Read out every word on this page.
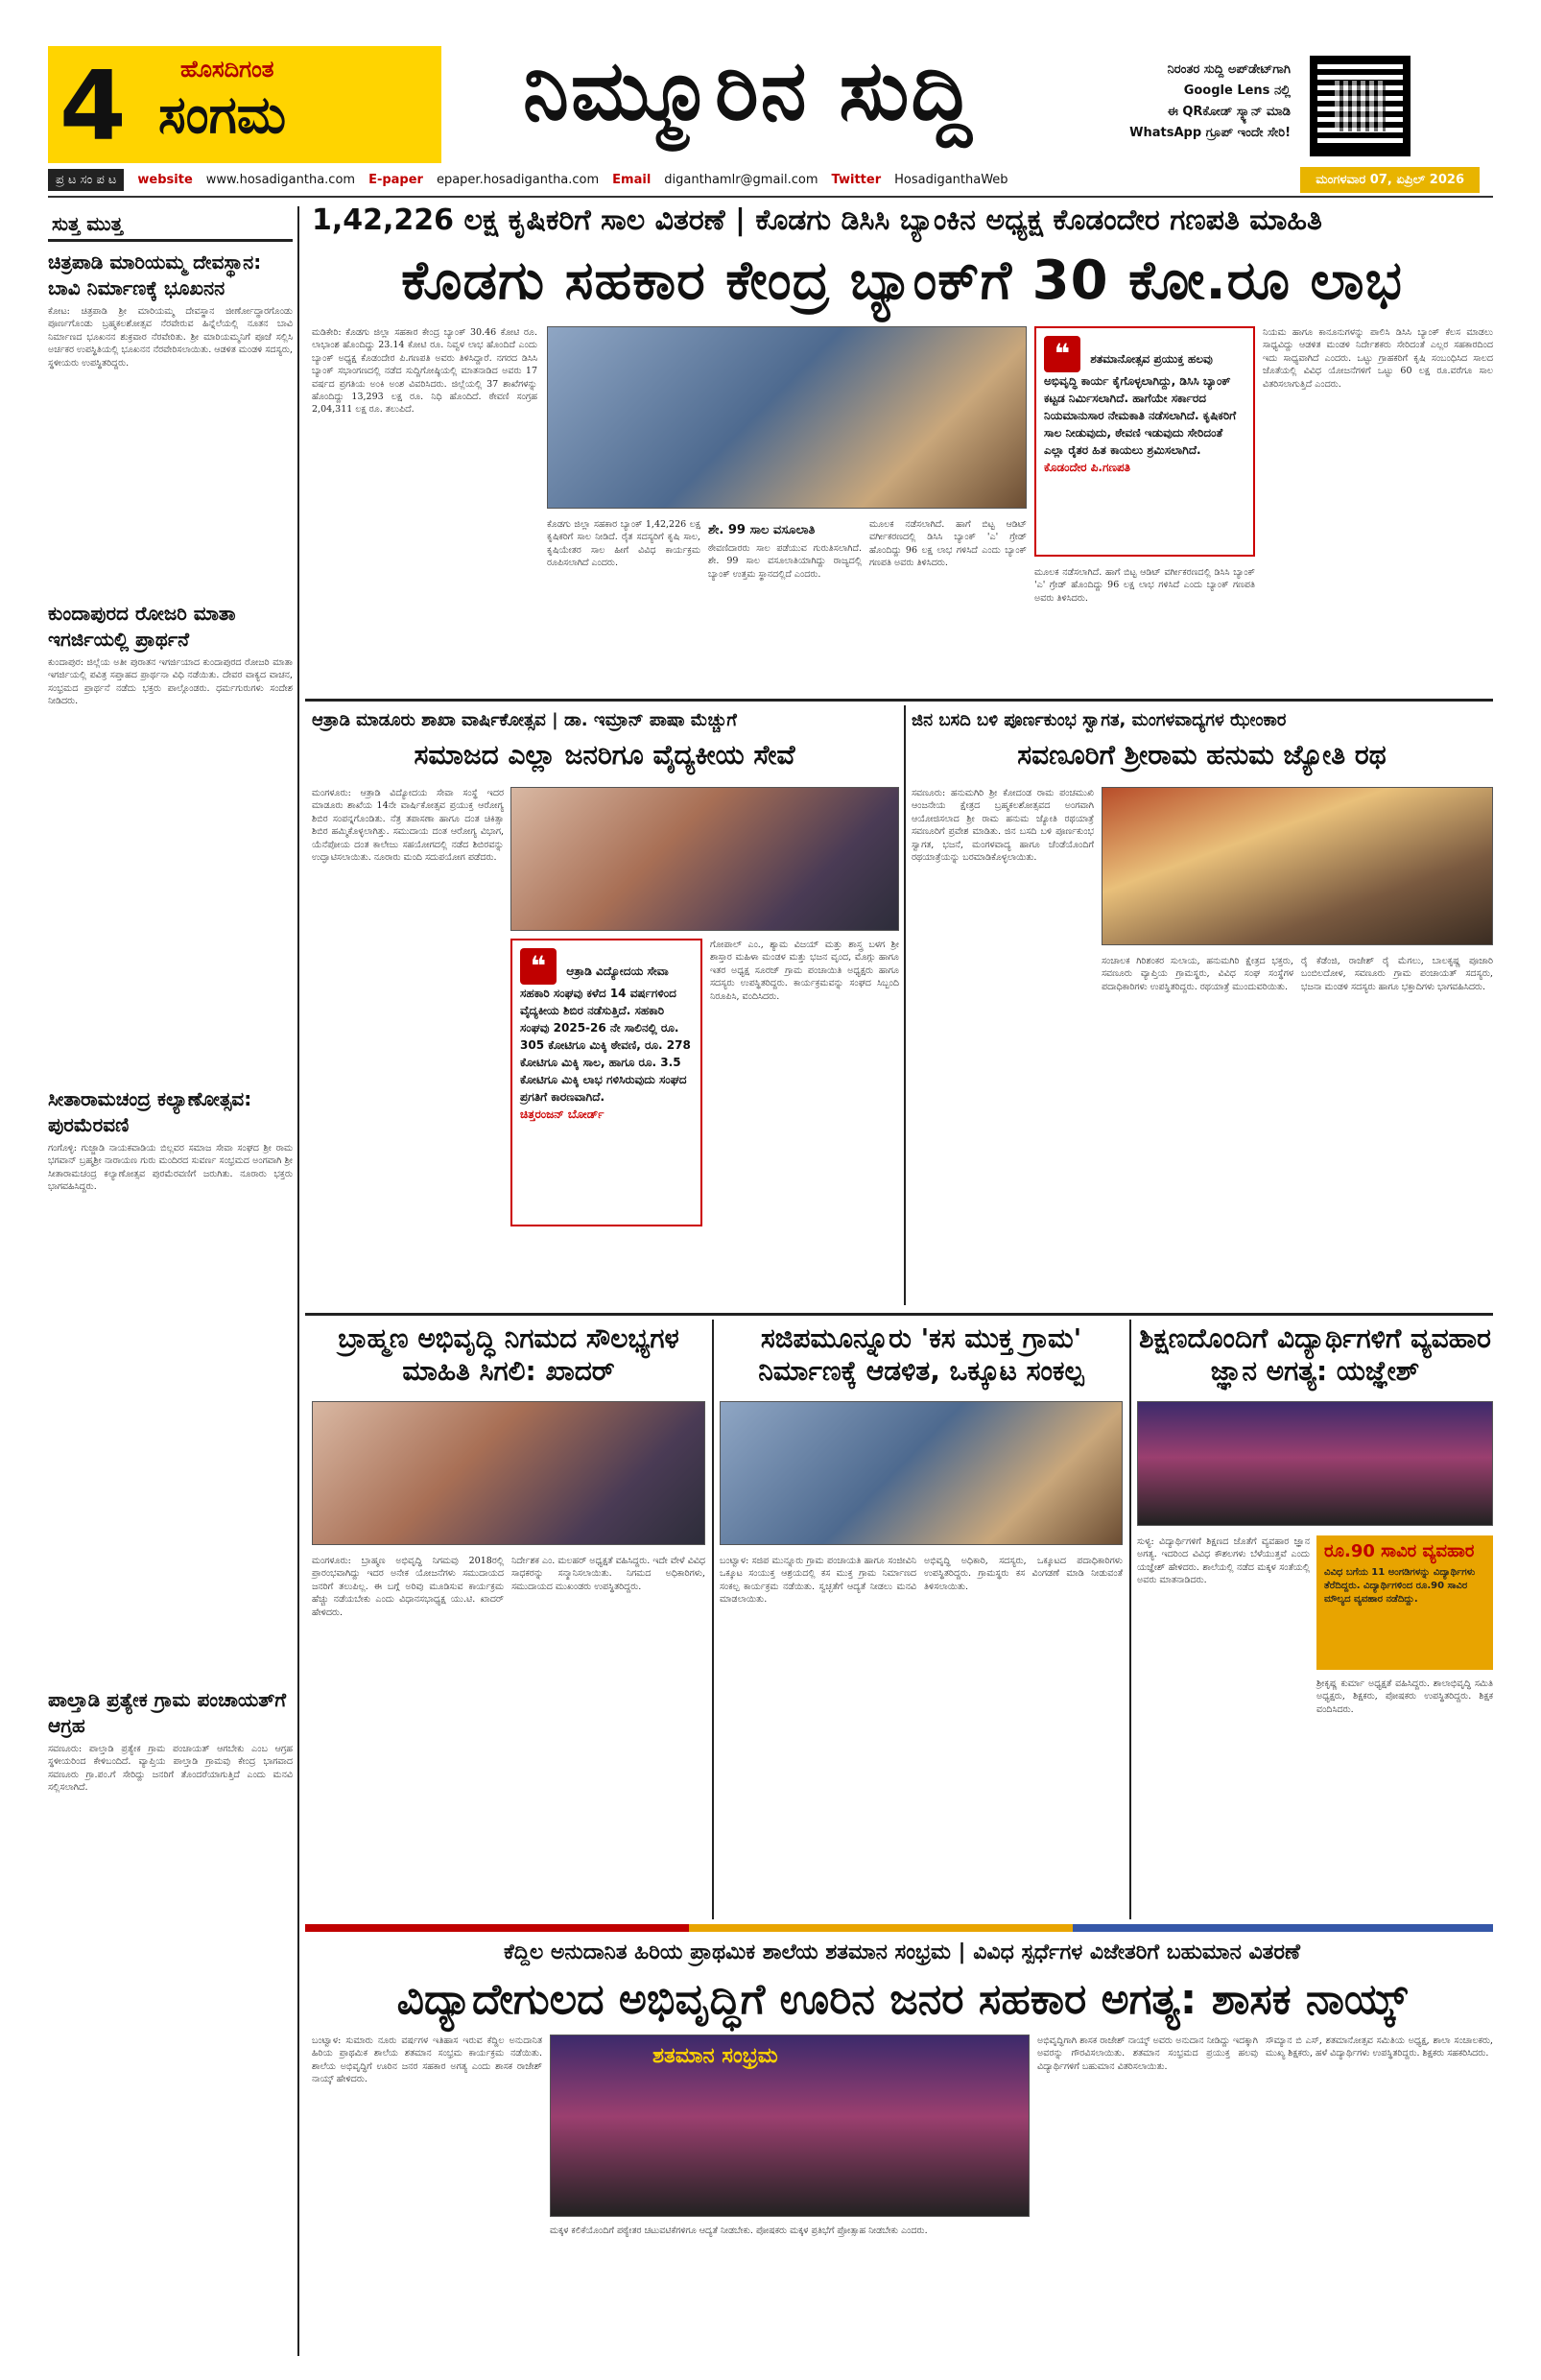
4 ಹೊಸದಿಗಂತ
ಸಂಗಮ	ನಿಮ್ಮೂರಿನ ಸುದ್ದಿ	ನಿರಂತರ ಸುದ್ದಿ ಅಪ್‌ಡೇಟ್‌ಗಾಗಿ
Google Lens ನಲ್ಲಿ
ಈ QRಕೋಡ್ ಸ್ಕ್ಯಾನ್ ಮಾಡಿ
WhatsApp ಗ್ರೂಪ್ ಇಂದೇ ಸೇರಿ!
ಪ್ರ ಟ ಸಂ ಪ ಟ	website www.hosadigantha.com E-paper epaper.hosadigantha.com Email diganthamlr@gmail.com Twitter HosadiganthaWeb	ಮಂಗಳವಾರ 07, ಏಪ್ರಿಲ್ 2026
ಸುತ್ತ ಮುತ್ತ
ಚಿತ್ರಪಾಡಿ ಮಾರಿಯಮ್ಮ ದೇವಸ್ಥಾನ: ಬಾವಿ ನಿರ್ಮಾಣಕ್ಕೆ ಭೂಖನನ
ಕೋಟ: ಚಿತ್ರಪಾಡಿ ಶ್ರೀ ಮಾರಿಯಮ್ಮ ದೇವಸ್ಥಾನ ಜೀರ್ಣೋದ್ಧಾರಗೊಂಡು ಪೂರ್ಣಗೊಂಡು ಬ್ರಹ್ಮಕಲಶೋತ್ಸವ ನೆರವೇರುವ ಹಿನ್ನೆಲೆಯಲ್ಲಿ ನೂತನ ಬಾವಿ ನಿರ್ಮಾಣದ ಭೂಖನನ ಶುಕ್ರವಾರ ನೆರವೇರಿತು. ಶ್ರೀ ಮಾರಿಯಮ್ಮನಿಗೆ ಪೂಜೆ ಸಲ್ಲಿಸಿ ಅರ್ಚಕರ ಉಪಸ್ಥಿತಿಯಲ್ಲಿ ಭೂಖನನ ನೆರವೇರಿಸಲಾಯಿತು. ಆಡಳಿತ ಮಂಡಳಿ ಸದಸ್ಯರು, ಸ್ಥಳೀಯರು ಉಪಸ್ಥಿತರಿದ್ದರು.
ಕುಂದಾಪುರದ ರೋಜರಿ ಮಾತಾ ಇಗರ್ಜಿಯಲ್ಲಿ ಪ್ರಾರ್ಥನೆ
ಕುಂದಾಪುರ: ಜಿಲ್ಲೆಯ ಅತೀ ಪುರಾತನ ಇಗರ್ಜಿಯಾದ ಕುಂದಾಪುರದ ರೋಜರಿ ಮಾತಾ ಇಗರ್ಜಿಯಲ್ಲಿ ಪವಿತ್ರ ಸಪ್ತಾಹದ ಪ್ರಾರ್ಥನಾ ವಿಧಿ ನಡೆಯಿತು. ದೇವರ ವಾಕ್ಯದ ವಾಚನ, ಸಂಭ್ರಮದ ಪ್ರಾರ್ಥನೆ ನಡೆದು ಭಕ್ತರು ಪಾಲ್ಗೊಂಡರು. ಧರ್ಮಗುರುಗಳು ಸಂದೇಶ ನೀಡಿದರು.
ಸೀತಾರಾಮಚಂದ್ರ ಕಲ್ಯಾಣೋತ್ಸವ: ಪುರಮೆರವಣಿ
ಗಂಗೊಳ್ಳಿ: ಗುಜ್ಜಾಡಿ ನಾಯಕವಾಡಿಯ ಬಿಲ್ಲವರ ಸಮಾಜ ಸೇವಾ ಸಂಘದ ಶ್ರೀ ರಾಮ ಭಗವಾನ್ ಬ್ರಹ್ಮಶ್ರೀ ನಾರಾಯಣ ಗುರು ಮಂದಿರದ ಸುವರ್ಣ ಸಂಭ್ರಮದ ಅಂಗವಾಗಿ ಶ್ರೀ ಸೀತಾರಾಮಚಂದ್ರ ಕಲ್ಯಾಣೋತ್ಸವ ಪುರಮೆರವಣಿಗೆ ಜರುಗಿತು. ನೂರಾರು ಭಕ್ತರು ಭಾಗವಹಿಸಿದ್ದರು.
ಪಾಲ್ತಾಡಿ ಪ್ರತ್ಯೇಕ ಗ್ರಾಮ ಪಂಚಾಯತ್‌ಗೆ ಆಗ್ರಹ
ಸವಣೂರು: ಪಾಲ್ತಾಡಿ ಪ್ರತ್ಯೇಕ ಗ್ರಾಮ ಪಂಚಾಯತ್ ಆಗಬೇಕು ಎಂಬ ಆಗ್ರಹ ಸ್ಥಳೀಯರಿಂದ ಕೇಳಿಬಂದಿದೆ. ವ್ಯಾಪ್ತಿಯ ಪಾಲ್ತಾಡಿ ಗ್ರಾಮವು ಕೇಂದ್ರ ಭಾಗವಾದ ಸವಣೂರು ಗ್ರಾ.ಪಂ.ಗೆ ಸೇರಿದ್ದು ಜನರಿಗೆ ತೊಂದರೆಯಾಗುತ್ತಿದೆ ಎಂದು ಮನವಿ ಸಲ್ಲಿಸಲಾಗಿದೆ.
1,42,226 ಲಕ್ಷ ಕೃಷಿಕರಿಗೆ ಸಾಲ ವಿತರಣೆ | ಕೊಡಗು ಡಿಸಿಸಿ ಬ್ಯಾಂಕಿನ ಅಧ್ಯಕ್ಷ ಕೊಡಂದೇರ ಗಣಪತಿ ಮಾಹಿತಿ
ಕೊಡಗು ಸಹಕಾರ ಕೇಂದ್ರ ಬ್ಯಾಂಕ್‌ಗೆ 30 ಕೋ.ರೂ ಲಾಭ
ಮಡಿಕೇರಿ: ಕೊಡಗು ಜಿಲ್ಲಾ ಸಹಕಾರ ಕೇಂದ್ರ ಬ್ಯಾಂಕ್ 30.46 ಕೋಟಿ ರೂ. ಲಾಭಾಂಶ ಹೊಂದಿದ್ದು 23.14 ಕೋಟಿ ರೂ. ನಿವ್ವಳ ಲಾಭ ಹೊಂದಿದೆ ಎಂದು ಬ್ಯಾಂಕ್ ಅಧ್ಯಕ್ಷ ಕೊಡಂದೇರ ಪಿ.ಗಣಪತಿ ಅವರು ತಿಳಿಸಿದ್ದಾರೆ. ನಗರದ ಡಿಸಿಸಿ ಬ್ಯಾಂಕ್ ಸಭಾಂಗಣದಲ್ಲಿ ನಡೆದ ಸುದ್ದಿಗೋಷ್ಠಿಯಲ್ಲಿ ಮಾತನಾಡಿದ ಅವರು 17 ವರ್ಷದ ಪ್ರಗತಿಯ ಅಂಕಿ ಅಂಶ ವಿವರಿಸಿದರು. ಜಿಲ್ಲೆಯಲ್ಲಿ 37 ಶಾಖೆಗಳನ್ನು ಹೊಂದಿದ್ದು 13,293 ಲಕ್ಷ ರೂ. ನಿಧಿ ಹೊಂದಿದೆ. ಠೇವಣಿ ಸಂಗ್ರಹ 2,04,311 ಲಕ್ಷ ರೂ. ತಲುಪಿದೆ.
ಕೊಡಗು ಜಿಲ್ಲಾ ಸಹಕಾರ ಬ್ಯಾಂಕ್ 1,42,226 ಲಕ್ಷ ಕೃಷಿಕರಿಗೆ ಸಾಲ ನೀಡಿದೆ. ರೈತ ಸದಸ್ಯರಿಗೆ ಕೃಷಿ ಸಾಲ, ಕೃಷಿಯೇತರ ಸಾಲ ಹೀಗೆ ವಿವಿಧ ಕಾರ್ಯಕ್ರಮ ರೂಪಿಸಲಾಗಿದೆ ಎಂದರು.
ಶೇ. 99 ಸಾಲ ವಸೂಲಾತಿ
ಠೇವಣಿದಾರರು ಸಾಲ ಪಡೆಯುವ ಗುರುತಿಸಲಾಗಿದೆ. ಶೇ. 99 ಸಾಲ ವಸೂಲಾತಿಯಾಗಿದ್ದು ರಾಜ್ಯದಲ್ಲಿ ಬ್ಯಾಂಕ್ ಉತ್ತಮ ಸ್ಥಾನದಲ್ಲಿದೆ ಎಂದರು.
ಮೂಲಕ ನಡೆಸಲಾಗಿದೆ. ಹಾಗೆ ಬಿಟ್ಟ ಆಡಿಟ್ ವರ್ಗೀಕರಣದಲ್ಲಿ ಡಿಸಿಸಿ ಬ್ಯಾಂಕ್ 'ಎ' ಗ್ರೇಡ್ ಹೊಂದಿದ್ದು 96 ಲಕ್ಷ ಲಾಭ ಗಳಿಸಿದೆ ಎಂದು ಬ್ಯಾಂಕ್ ಗಣಪತಿ ಅವರು ತಿಳಿಸಿದರು.
❝ ಶತಮಾನೋತ್ಸವ ಪ್ರಯುಕ್ತ ಹಲವು ಅಭಿವೃದ್ಧಿ ಕಾರ್ಯ ಕೈಗೊಳ್ಳಲಾಗಿದ್ದು, ಡಿಸಿಸಿ ಬ್ಯಾಂಕ್ ಕಟ್ಟಡ ನಿರ್ಮಿಸಲಾಗಿದೆ. ಹಾಗೆಯೇ ಸರ್ಕಾರದ ನಿಯಮಾನುಸಾರ ನೇಮಕಾತಿ ನಡೆಸಲಾಗಿದೆ. ಕೃಷಿಕರಿಗೆ ಸಾಲ ನೀಡುವುದು, ಠೇವಣಿ ಇಡುವುದು ಸೇರಿದಂತೆ ಎಲ್ಲಾ ರೈತರ ಹಿತ ಕಾಯಲು ಶ್ರಮಿಸಲಾಗಿದೆ.
ಕೊಡಂದೇರ ಪಿ.ಗಣಪತಿ
ಮೂಲಕ ನಡೆಸಲಾಗಿದೆ. ಹಾಗೆ ಬಿಟ್ಟ ಆಡಿಟ್ ವರ್ಗೀಕರಣದಲ್ಲಿ ಡಿಸಿಸಿ ಬ್ಯಾಂಕ್ 'ಎ' ಗ್ರೇಡ್ ಹೊಂದಿದ್ದು 96 ಲಕ್ಷ ಲಾಭ ಗಳಿಸಿದೆ ಎಂದು ಬ್ಯಾಂಕ್ ಗಣಪತಿ ಅವರು ತಿಳಿಸಿದರು.
ನಿಯಮ ಹಾಗೂ ಕಾನೂನುಗಳನ್ನು ಪಾಲಿಸಿ ಡಿಸಿಸಿ ಬ್ಯಾಂಕ್ ಕೆಲಸ ಮಾಡಲು ಸಾಧ್ಯವಿದ್ದು ಆಡಳಿತ ಮಂಡಳಿ ನಿರ್ದೇಶಕರು ಸೇರಿದಂತೆ ಎಲ್ಲರ ಸಹಕಾರದಿಂದ ಇದು ಸಾಧ್ಯವಾಗಿದೆ ಎಂದರು. ಒಟ್ಟು ಗ್ರಾಹಕರಿಗೆ ಕೃಷಿ ಸಂಬಂಧಿಸಿದ ಸಾಲದ ಜೊತೆಯಲ್ಲಿ ವಿವಿಧ ಯೋಜನೆಗಳಿಗೆ ಒಟ್ಟು 60 ಲಕ್ಷ ರೂ.ವರೆಗೂ ಸಾಲ ವಿತರಿಸಲಾಗುತ್ತಿದೆ ಎಂದರು.
ಆತ್ರಾಡಿ ಮಾಡೂರು ಶಾಖಾ ವಾರ್ಷಿಕೋತ್ಸವ | ಡಾ. ಇಮ್ರಾನ್ ಪಾಷಾ ಮೆಚ್ಚುಗೆ
ಸಮಾಜದ ಎಲ್ಲಾ ಜನರಿಗೂ ವೈದ್ಯಕೀಯ ಸೇವೆ
ಮಂಗಳೂರು: ಆತ್ರಾಡಿ ವಿದ್ಯೋದಯ ಸೇವಾ ಸಂಸ್ಥೆ ಇದರ ಮಾಡೂರು ಶಾಖೆಯ 14ನೇ ವಾರ್ಷಿಕೋತ್ಸವ ಪ್ರಯುಕ್ತ ಆರೋಗ್ಯ ಶಿಬಿರ ಸಂಪನ್ನಗೊಂಡಿತು. ನೆತ್ರ ತಪಾಸಣಾ ಹಾಗೂ ದಂತ ಚಿಕಿತ್ಸಾ ಶಿಬಿರ ಹಮ್ಮಿಕೊಳ್ಳಲಾಗಿತ್ತು. ಸಮುದಾಯ ದಂತ ಆರೋಗ್ಯ ವಿಭಾಗ, ಯೆನೆಪೋಯ ದಂತ ಕಾಲೇಜು ಸಹಯೋಗದಲ್ಲಿ ನಡೆದ ಶಿಬಿರವನ್ನು ಉದ್ಘಾಟಿಸಲಾಯಿತು. ನೂರಾರು ಮಂದಿ ಸದುಪಯೋಗ ಪಡೆದರು.
❝ ಆತ್ರಾಡಿ ವಿದ್ಯೋದಯ ಸೇವಾ ಸಹಕಾರಿ ಸಂಘವು ಕಳೆದ 14 ವರ್ಷಗಳಿಂದ ವೈದ್ಯಕೀಯ ಶಿಬಿರ ನಡೆಸುತ್ತಿದೆ. ಸಹಕಾರಿ ಸಂಘವು 2025-26 ನೇ ಸಾಲಿನಲ್ಲಿ ರೂ. 305 ಕೋಟಿಗೂ ಮಿಕ್ಕಿ ಠೇವಣಿ, ರೂ. 278 ಕೋಟಿಗೂ ಮಿಕ್ಕಿ ಸಾಲ, ಹಾಗೂ ರೂ. 3.5 ಕೋಟಿಗೂ ಮಿಕ್ಕಿ ಲಾಭ ಗಳಿಸಿರುವುದು ಸಂಘದ ಪ್ರಗತಿಗೆ ಕಾರಣವಾಗಿದೆ.
ಚಿತ್ತರಂಜನ್ ಬೋರ್ಡ್
ಗೋಪಾಲ್ ಎಂ., ಶ್ಯಾಮ ವಿಜಯ್ ಮತ್ತು ಶಾಸ್ತ್ರ ಬಳಗ ಶ್ರೀ ಶಾಸ್ತಾರ ಮಹಿಳಾ ಮಂಡಳ ಮತ್ತು ಭಜನ ವೃಂದ, ಮೊಗ್ಗು ಹಾಗೂ ಇತರ ಅಧ್ಯಕ್ಷ ಸೂರಜ್ ಗ್ರಾಮ ಪಂಚಾಯಿತಿ ಅಧ್ಯಕ್ಷರು ಹಾಗೂ ಸದಸ್ಯರು ಉಪಸ್ಥಿತರಿದ್ದರು. ಕಾರ್ಯಕ್ರಮವನ್ನು ಸಂಘದ ಸಿಬ್ಬಂದಿ ನಿರೂಪಿಸಿ, ವಂದಿಸಿದರು.
ಜಿನ ಬಸದಿ ಬಳಿ ಪೂರ್ಣಕುಂಭ ಸ್ವಾಗತ, ಮಂಗಳವಾದ್ಯಗಳ ಝೇಂಕಾರ
ಸವಣೂರಿಗೆ ಶ್ರೀರಾಮ ಹನುಮ ಜ್ಯೋತಿ ರಥ
ಸವಣೂರು: ಹನುಮಗಿರಿ ಶ್ರೀ ಕೋದಂಡ ರಾಮ ಪಂಚಮುಖಿ ಆಂಜನೇಯ ಕ್ಷೇತ್ರದ ಬ್ರಹ್ಮಕಲಶೋತ್ಸವದ ಅಂಗವಾಗಿ ಆಯೋಜಿಸಲಾದ ಶ್ರೀ ರಾಮ ಹನುಮ ಜ್ಯೋತಿ ರಥಯಾತ್ರೆ ಸವಣೂರಿಗೆ ಪ್ರವೇಶ ಮಾಡಿತು. ಜಿನ ಬಸದಿ ಬಳಿ ಪೂರ್ಣಕುಂಭ ಸ್ವಾಗತ, ಭಜನೆ, ಮಂಗಳವಾದ್ಯ ಹಾಗೂ ಚೆಂಡೆಯೊಂದಿಗೆ ರಥಯಾತ್ರೆಯನ್ನು ಬರಮಾಡಿಕೊಳ್ಳಲಾಯಿತು.
ಸಂಚಾಲಕ ಗಿರಿಶಂಕರ ಸುಲಾಯ, ಹನುಮಗಿರಿ ಕ್ಷೇತ್ರದ ಭಕ್ತರು, ಸವಣೂರು ವ್ಯಾಪ್ತಿಯ ಗ್ರಾಮಸ್ಥರು, ವಿವಿಧ ಸಂಘ ಸಂಸ್ಥೆಗಳ ಪದಾಧಿಕಾರಿಗಳು ಉಪಸ್ಥಿತರಿದ್ದರು. ರಥಯಾತ್ರೆ ಮುಂದುವರಿಯಿತು.
ರೈ ಕೆಡೆಂಜಿ, ರಾಜೇಶ್ ರೈ ಮೆಗಲು, ಬಾಲಕೃಷ್ಣ ಪೂಜಾರಿ ಬಂಬಿಲದೋಳ, ಸವಣೂರು ಗ್ರಾಮ ಪಂಚಾಯತ್ ಸದಸ್ಯರು, ಭಜನಾ ಮಂಡಳಿ ಸದಸ್ಯರು ಹಾಗೂ ಭಕ್ತಾದಿಗಳು ಭಾಗವಹಿಸಿದರು.
ಬ್ರಾಹ್ಮಣ ಅಭಿವೃದ್ಧಿ ನಿಗಮದ ಸೌಲಭ್ಯಗಳ ಮಾಹಿತಿ ಸಿಗಲಿ: ಖಾದರ್
ಮಂಗಳೂರು: ಬ್ರಾಹ್ಮಣ ಅಭಿವೃದ್ಧಿ ನಿಗಮವು 2018ರಲ್ಲಿ ಪ್ರಾರಂಭವಾಗಿದ್ದು ಇದರ ಅನೇಕ ಯೋಜನೆಗಳು ಸಮುದಾಯದ ಜನರಿಗೆ ತಲುಪಿಲ್ಲ. ಈ ಬಗ್ಗೆ ಅರಿವು ಮೂಡಿಸುವ ಕಾರ್ಯಕ್ರಮ ಹೆಚ್ಚು ನಡೆಯಬೇಕು ಎಂದು ವಿಧಾನಸಭಾಧ್ಯಕ್ಷ ಯು.ಟಿ. ಖಾದರ್ ಹೇಳಿದರು.
ನಿರ್ದೇಶಕ ಎಂ. ಮಲಹರ್ ಅಧ್ಯಕ್ಷತೆ ವಹಿಸಿದ್ದರು. ಇದೇ ವೇಳೆ ವಿವಿಧ ಸಾಧಕರನ್ನು ಸನ್ಮಾನಿಸಲಾಯಿತು. ನಿಗಮದ ಅಧಿಕಾರಿಗಳು, ಸಮುದಾಯದ ಮುಖಂಡರು ಉಪಸ್ಥಿತರಿದ್ದರು.
ಸಜಿಪಮೂನ್ನೂರು 'ಕಸ ಮುಕ್ತ ಗ್ರಾಮ' ನಿರ್ಮಾಣಕ್ಕೆ ಆಡಳಿತ, ಒಕ್ಕೂಟ ಸಂಕಲ್ಪ
ಬಂಟ್ವಾಳ: ಸಜಿಪ ಮುನ್ನೂರು ಗ್ರಾಮ ಪಂಚಾಯತಿ ಹಾಗೂ ಸಂಜೀವಿನಿ ಒಕ್ಕೂಟ ಸಂಯುಕ್ತ ಆಶ್ರಯದಲ್ಲಿ ಕಸ ಮುಕ್ತ ಗ್ರಾಮ ನಿರ್ಮಾಣದ ಸಂಕಲ್ಪ ಕಾರ್ಯಕ್ರಮ ನಡೆಯಿತು. ಸ್ವಚ್ಛತೆಗೆ ಆದ್ಯತೆ ನೀಡಲು ಮನವಿ ಮಾಡಲಾಯಿತು.
ಅಭಿವೃದ್ಧಿ ಅಧಿಕಾರಿ, ಸದಸ್ಯರು, ಒಕ್ಕೂಟದ ಪದಾಧಿಕಾರಿಗಳು ಉಪಸ್ಥಿತರಿದ್ದರು. ಗ್ರಾಮಸ್ಥರು ಕಸ ವಿಂಗಡಣೆ ಮಾಡಿ ನೀಡುವಂತೆ ತಿಳಿಸಲಾಯಿತು.
ಶಿಕ್ಷಣದೊಂದಿಗೆ ವಿದ್ಯಾರ್ಥಿಗಳಿಗೆ ವ್ಯವಹಾರ ಜ್ಞಾನ ಅಗತ್ಯ: ಯಜ್ಞೇಶ್
ಸುಳ್ಯ: ವಿದ್ಯಾರ್ಥಿಗಳಿಗೆ ಶಿಕ್ಷಣದ ಜೊತೆಗೆ ವ್ಯವಹಾರ ಜ್ಞಾನ ಅಗತ್ಯ. ಇದರಿಂದ ವಿವಿಧ ಕೌಶಲಗಳು ಬೆಳೆಯುತ್ತವೆ ಎಂದು ಯಜ್ಞೇಶ್ ಹೇಳಿದರು. ಶಾಲೆಯಲ್ಲಿ ನಡೆದ ಮಕ್ಕಳ ಸಂತೆಯಲ್ಲಿ ಅವರು ಮಾತನಾಡಿದರು.
ರೂ.90 ಸಾವಿರ ವ್ಯವಹಾರ
ವಿವಿಧ ಬಗೆಯ 11 ಅಂಗಡಿಗಳನ್ನು ವಿದ್ಯಾರ್ಥಿಗಳು ತೆರೆದಿದ್ದರು. ವಿದ್ಯಾರ್ಥಿಗಳಿಂದ ರೂ.90 ಸಾವಿರ ಮೌಲ್ಯದ ವ್ಯವಹಾರ ನಡೆದಿದ್ದು.
ಶ್ರೀಕೃಷ್ಣ ಕುರ್ಮಾ ಅಧ್ಯಕ್ಷತೆ ವಹಿಸಿದ್ದರು. ಶಾಲಾಭಿವೃದ್ಧಿ ಸಮಿತಿ ಅಧ್ಯಕ್ಷರು, ಶಿಕ್ಷಕರು, ಪೋಷಕರು ಉಪಸ್ಥಿತರಿದ್ದರು. ಶಿಕ್ಷಕ ವಂದಿಸಿದರು.
ಕೆದ್ದಿಲ ಅನುದಾನಿತ ಹಿರಿಯ ಪ್ರಾಥಮಿಕ ಶಾಲೆಯ ಶತಮಾನ ಸಂಭ್ರಮ | ವಿವಿಧ ಸ್ಪರ್ಧೆಗಳ ವಿಜೇತರಿಗೆ ಬಹುಮಾನ ವಿತರಣೆ
ವಿದ್ಯಾದೇಗುಲದ ಅಭಿವೃದ್ಧಿಗೆ ಊರಿನ ಜನರ ಸಹಕಾರ ಅಗತ್ಯ: ಶಾಸಕ ನಾಯ್ಕ್
ಬಂಟ್ವಾಳ: ಸುಮಾರು ನೂರು ವರ್ಷಗಳ ಇತಿಹಾಸ ಇರುವ ಕೆದ್ದಿಲ ಅನುದಾನಿತ ಹಿರಿಯ ಪ್ರಾಥಮಿಕ ಶಾಲೆಯ ಶತಮಾನ ಸಂಭ್ರಮ ಕಾರ್ಯಕ್ರಮ ನಡೆಯಿತು. ಶಾಲೆಯ ಅಭಿವೃದ್ಧಿಗೆ ಊರಿನ ಜನರ ಸಹಕಾರ ಅಗತ್ಯ ಎಂದು ಶಾಸಕ ರಾಜೇಶ್ ನಾಯ್ಕ್ ಹೇಳಿದರು.
ಶತಮಾನ ಸಂಭ್ರಮ
ಮಕ್ಕಳ ಕಲಿಕೆಯೊಂದಿಗೆ ಪಠ್ಯೇತರ ಚಟುವಟಿಕೆಗಳಿಗೂ ಆದ್ಯತೆ ನೀಡಬೇಕು. ಪೋಷಕರು ಮಕ್ಕಳ ಪ್ರತಿಭೆಗೆ ಪ್ರೋತ್ಸಾಹ ನೀಡಬೇಕು ಎಂದರು.
ಅಭಿವೃದ್ಧಿಗಾಗಿ ಶಾಸಕ ರಾಜೇಶ್ ನಾಯ್ಕ್ ಅವರು ಅನುದಾನ ನೀಡಿದ್ದು ಇದಕ್ಕಾಗಿ ಅವರನ್ನು ಗೌರವಿಸಲಾಯಿತು. ಶತಮಾನ ಸಂಭ್ರಮದ ಪ್ರಯುಕ್ತ ಹಲವು ವಿದ್ಯಾರ್ಥಿಗಳಿಗೆ ಬಹುಮಾನ ವಿತರಿಸಲಾಯಿತು.
ಸೌಮ್ಯಾನ ಬಿ ಎಸ್, ಶತಮಾನೋತ್ಸವ ಸಮಿತಿಯ ಅಧ್ಯಕ್ಷ, ಶಾಲಾ ಸಂಚಾಲಕರು, ಮುಖ್ಯ ಶಿಕ್ಷಕರು, ಹಳೆ ವಿದ್ಯಾರ್ಥಿಗಳು ಉಪಸ್ಥಿತರಿದ್ದರು. ಶಿಕ್ಷಕರು ಸಹಕರಿಸಿದರು.
